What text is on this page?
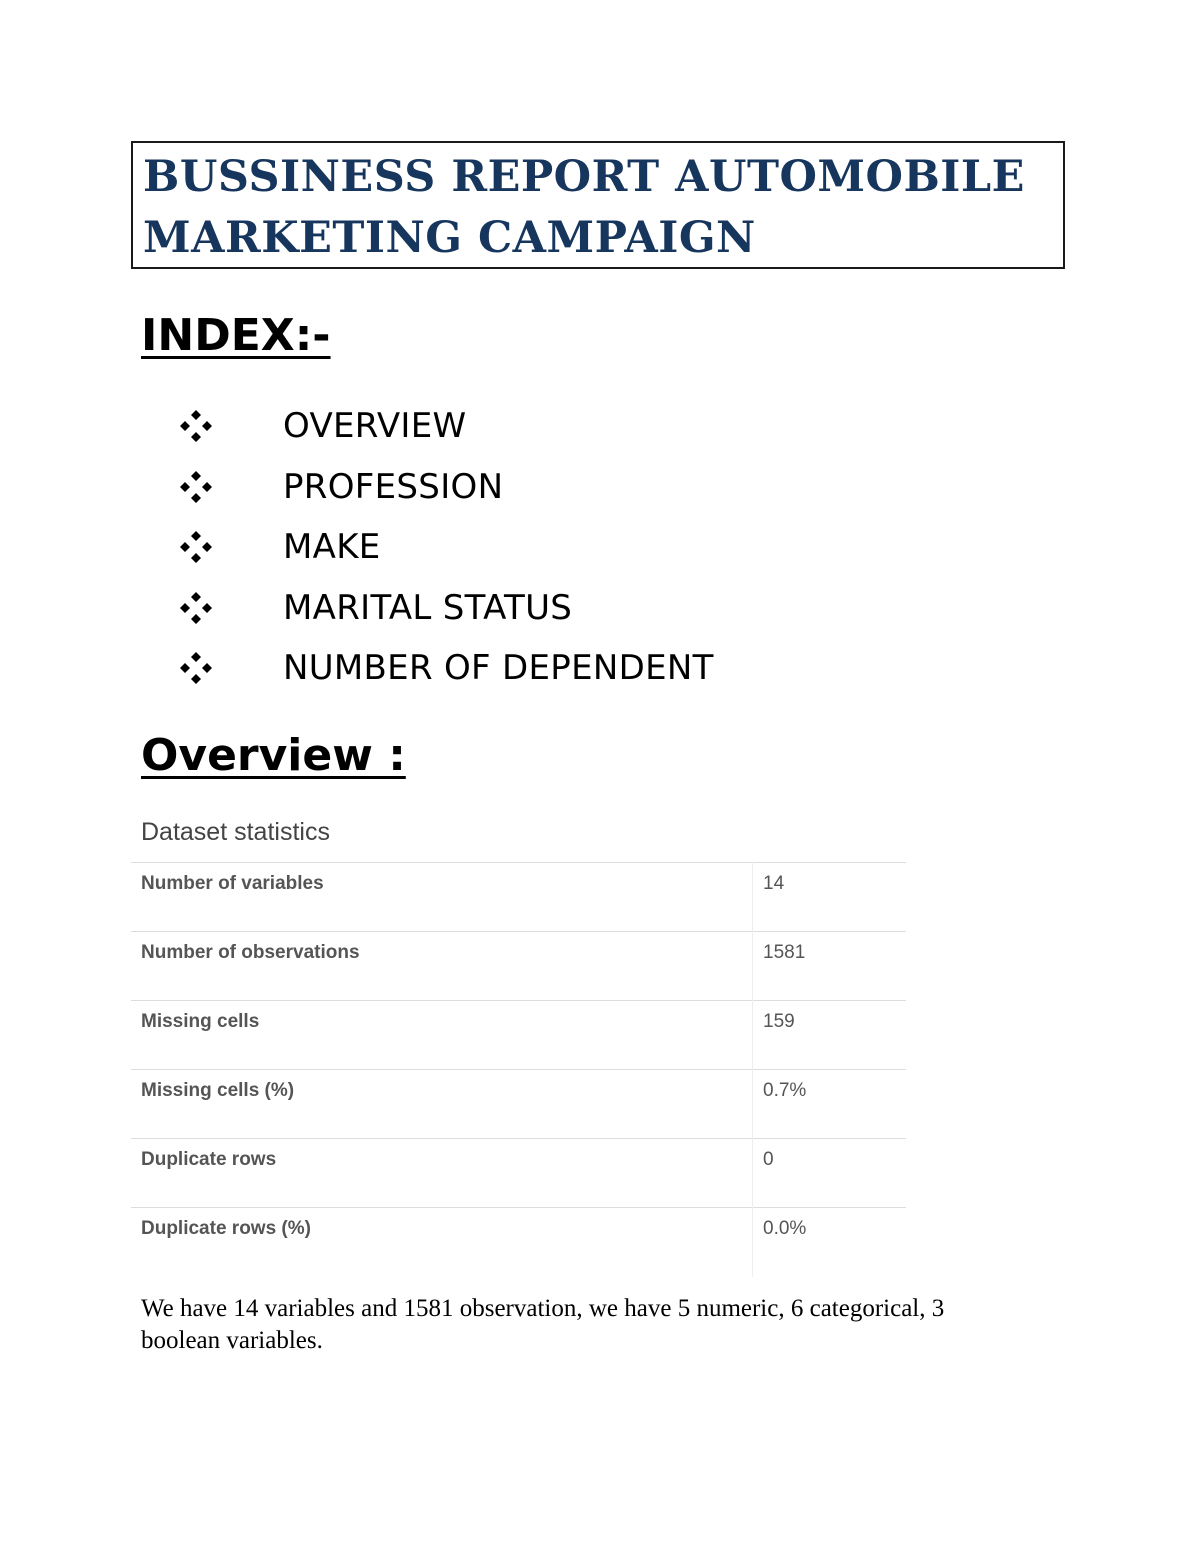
BUSSINESS REPORT AUTOMOBILE

MARKETING CAMPAIGN

INDEX:-
OVERVIEW
PROFESSION
MAKE
MARITAL STATUS
NUMBER OF DEPENDENT
Overview :
Dataset statistics
Number of variables	14
Number of observations	1581
Missing cells	159
Missing cells (%)	0.7%
Duplicate rows	0
Duplicate rows (%)	0.0%

We have 14 variables and 1581 observation, we have 5 numeric, 6 categorical, 3
boolean variables.
